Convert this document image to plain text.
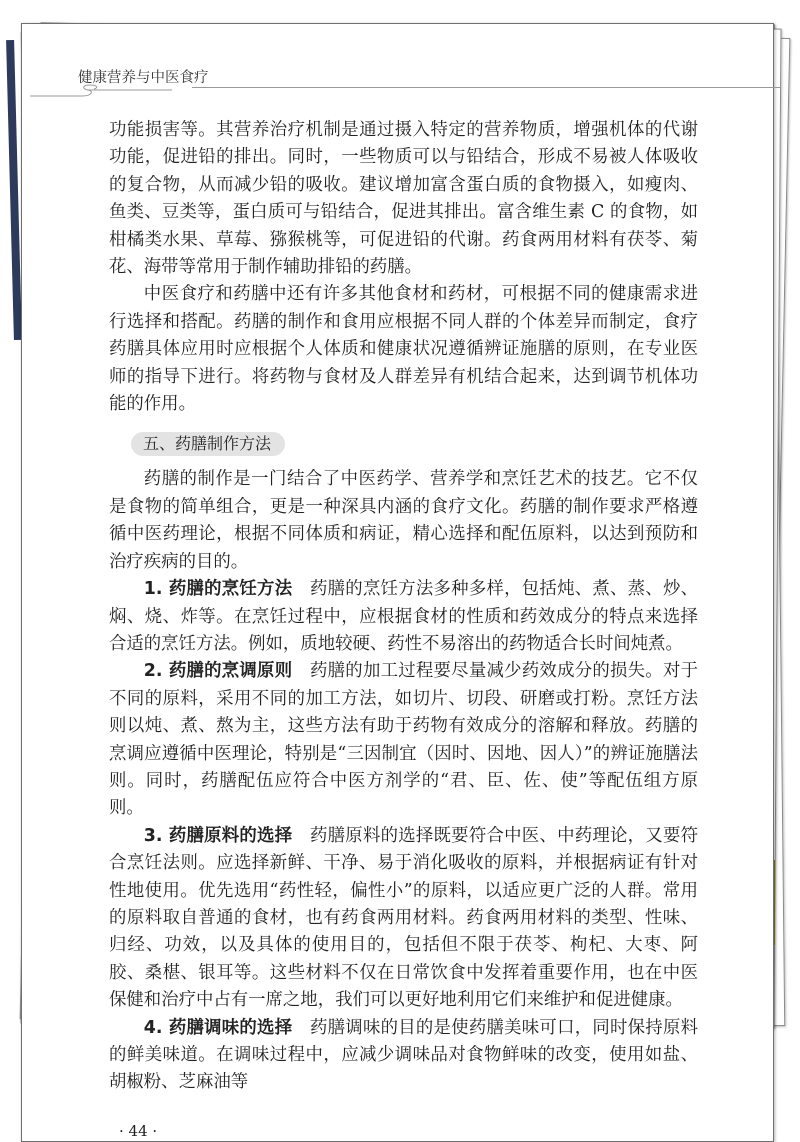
健康营养与中医食疗

功能损害等。其营养治疗机制是通过摄入特定的营养物质，增强机体的代谢功能，促进铅的排出。同时，一些物质可以与铅结合，形成不易被人体吸收的复合物，从而减少铅的吸收。建议增加富含蛋白质的食物摄入，如瘦肉、鱼类、豆类等，蛋白质可与铅结合，促进其排出。富含维生素 C 的食物，如柑橘类水果、草莓、猕猴桃等，可促进铅的代谢。药食两用材料有茯苓、菊花、海带等常用于制作辅助排铅的药膳。

中医食疗和药膳中还有许多其他食材和药材，可根据不同的健康需求进行选择和搭配。药膳的制作和食用应根据不同人群的个体差异而制定，食疗药膳具体应用时应根据个人体质和健康状况遵循辨证施膳的原则，在专业医师的指导下进行。将药物与食材及人群差异有机结合起来，达到调节机体功能的作用。

五、药膳制作方法

药膳的制作是一门结合了中医药学、营养学和烹饪艺术的技艺。它不仅是食物的简单组合，更是一种深具内涵的食疗文化。药膳的制作要求严格遵循中医药理论，根据不同体质和病证，精心选择和配伍原料，以达到预防和治疗疾病的目的。

1. 药膳的烹饪方法  药膳的烹饪方法多种多样，包括炖、煮、蒸、炒、焖、烧、炸等。在烹饪过程中，应根据食材的性质和药效成分的特点来选择合适的烹饪方法。例如，质地较硬、药性不易溶出的药物适合长时间炖煮。

2. 药膳的烹调原则  药膳的加工过程要尽量减少药效成分的损失。对于不同的原料，采用不同的加工方法，如切片、切段、研磨或打粉。烹饪方法则以炖、煮、熬为主，这些方法有助于药物有效成分的溶解和释放。药膳的烹调应遵循中医理论，特别是“三因制宜（因时、因地、因人）”的辨证施膳法则。同时，药膳配伍应符合中医方剂学的“君、臣、佐、使”等配伍组方原则。

3. 药膳原料的选择  药膳原料的选择既要符合中医、中药理论，又要符合烹饪法则。应选择新鲜、干净、易于消化吸收的原料，并根据病证有针对性地使用。优先选用“药性轻，偏性小”的原料，以适应更广泛的人群。常用的原料取自普通的食材，也有药食两用材料。药食两用材料的类型、性味、归经、功效，以及具体的使用目的，包括但不限于茯苓、枸杞、大枣、阿胶、桑椹、银耳等。这些材料不仅在日常饮食中发挥着重要作用，也在中医保健和治疗中占有一席之地，我们可以更好地利用它们来维护和促进健康。

4. 药膳调味的选择  药膳调味的目的是使药膳美味可口，同时保持原料的鲜美味道。在调味过程中，应减少调味品对食物鲜味的改变，使用如盐、胡椒粉、芝麻油等

· 44 ·
